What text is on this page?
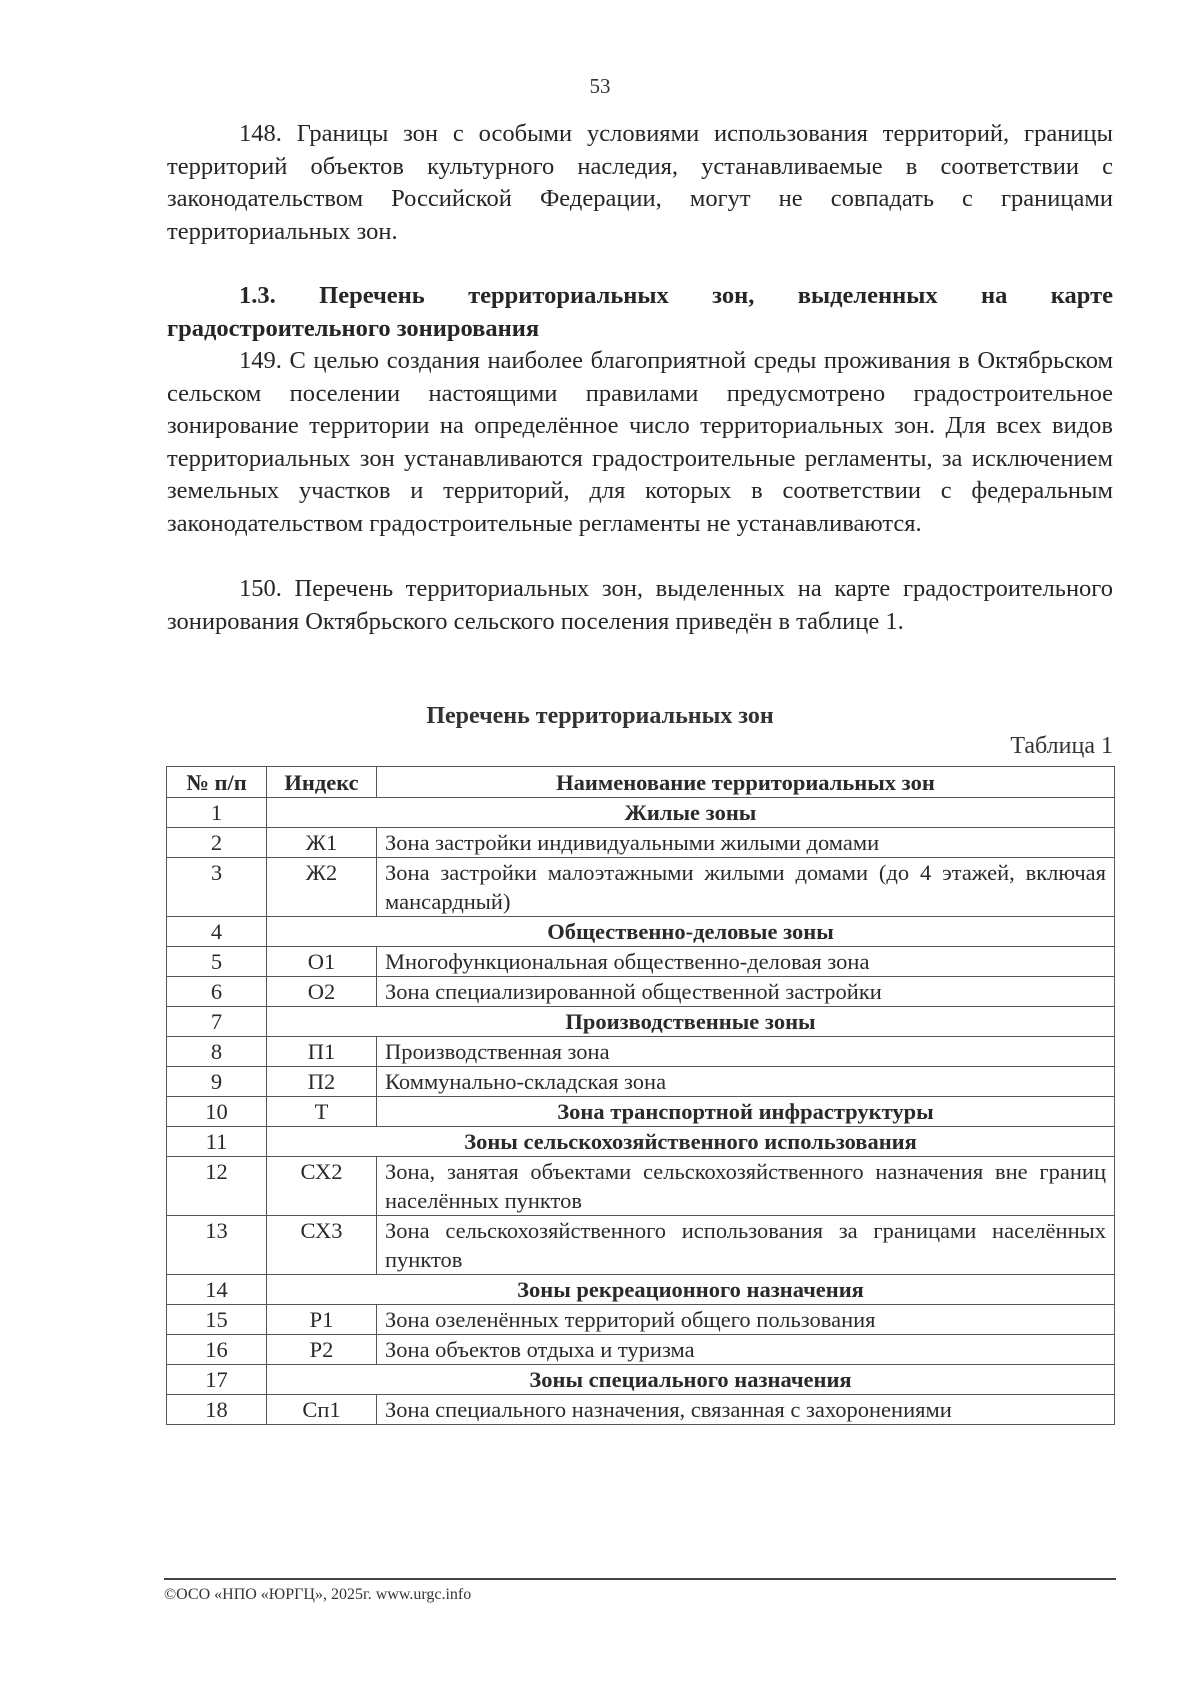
53

148. Границы зон с особыми условиями использования территорий, границы территорий объектов культурного наследия, устанавливаемые в соответствии с законодательством Российской Федерации, могут не совпадать с границами территориальных зон.

1.3. Перечень территориальных зон, выделенных на карте градостроительного зонирования

149. С целью создания наиболее благоприятной среды проживания в Октябрьском сельском поселении настоящими правилами предусмотрено градостроительное зонирование территории на определённое число территориальных зон. Для всех видов территориальных зон устанавливаются градостроительные регламенты, за исключением земельных участков и территорий, для которых в соответствии с федеральным законодательством градостроительные регламенты не устанавливаются.

150. Перечень территориальных зон, выделенных на карте градостроительного зонирования Октябрьского сельского поселения приведён в таблице 1.

Перечень территориальных зон
Таблица 1
№ п/п	Индекс	Наименование территориальных зон
1	Жилые зоны	
2	Ж1	Зона застройки индивидуальными жилыми домами
3	Ж2	Зона застройки малоэтажными жилыми домами (до 4 этажей, включая мансардный)
4	Общественно-деловые зоны	
5	О1	Многофункциональная общественно-деловая зона
6	О2	Зона специализированной общественной застройки
7	Производственные зоны	
8	П1	Производственная зона
9	П2	Коммунально-складская зона
10	Т	Зона транспортной инфраструктуры
11	Зоны сельскохозяйственного использования	
12	СХ2	Зона, занятая объектами сельскохозяйственного назначения вне границ населённых пунктов
13	СХ3	Зона сельскохозяйственного использования за границами населённых пунктов
14	Зоны рекреационного назначения	
15	Р1	Зона озеленённых территорий общего пользования
16	Р2	Зона объектов отдыха и туризма
17	Зоны специального назначения	
18	Сп1	Зона специального назначения, связанная с захоронениями
©ОСО «НПО «ЮРГЦ», 2025г. www.urgc.info
